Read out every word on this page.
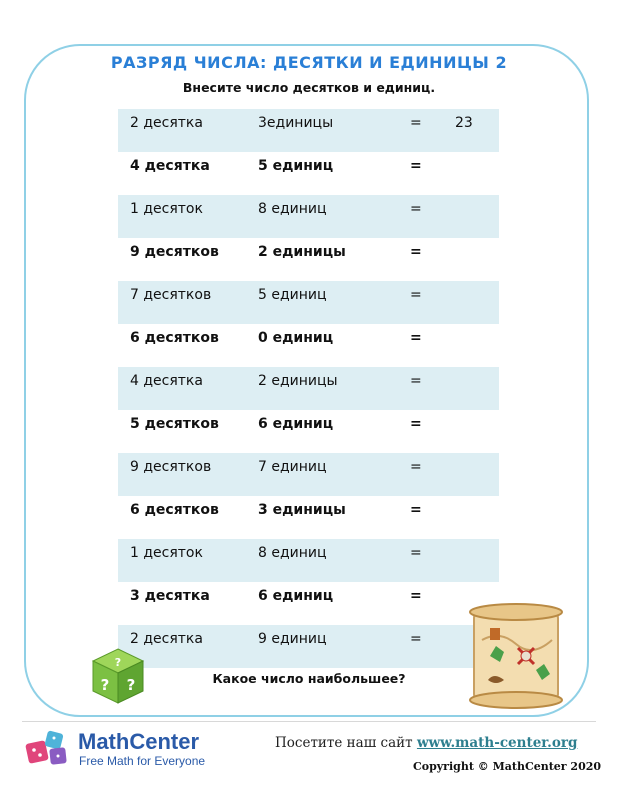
РАЗРЯД ЧИСЛА: ДЕСЯТКИ И ЕДИНИЦЫ 2
Внесите число десятков и единиц.
2 десятка	3единицы	= 23
4 десятка	5 единиц	=
1 десяток	8 единиц	=
9 десятков	2 единицы	=
7 десятков	5 единиц	=
6 десятков	0 единиц	=
4 десятка	2 единицы	=
5 десятков	6 единиц	=
9 десятков	7 единиц	=
6 десятков	3 единицы	=
1 десяток	8 единиц	=
3 десятка	6 единиц	=
2 десятка	9 единиц	=
?
? ?	Какое число наибольшее?
MathCenter
Free Math for Everyone
Посетите наш сайт www.math-center.org
Copyright © MathCenter 2020
